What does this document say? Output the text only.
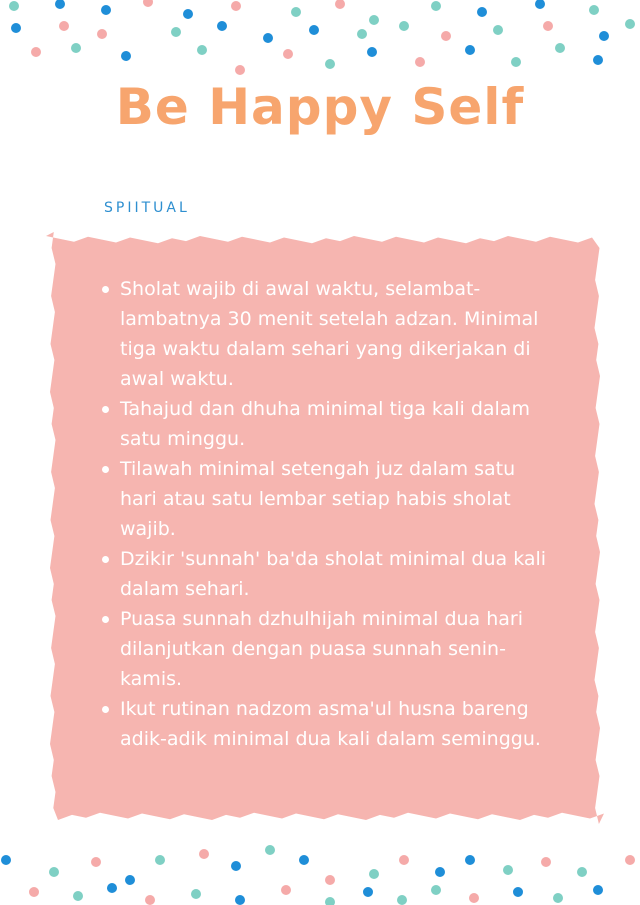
Be Happy Self

SPIITUAL

Sholat wajib di awal waktu, selambat-lambatnya 30 menit setelah adzan. Minimal tiga waktu dalam sehari yang dikerjakan di awal waktu.
Tahajud dan dhuha minimal tiga kali dalam satu minggu.
Tilawah minimal setengah juz dalam satu hari atau satu lembar setiap habis sholat wajib.
Dzikir 'sunnah' ba'da sholat minimal dua kali dalam sehari.
Puasa sunnah dzhulhijah minimal dua hari dilanjutkan dengan puasa sunnah senin-kamis.
Ikut rutinan nadzom asma'ul husna bareng adik-adik minimal dua kali dalam seminggu.
